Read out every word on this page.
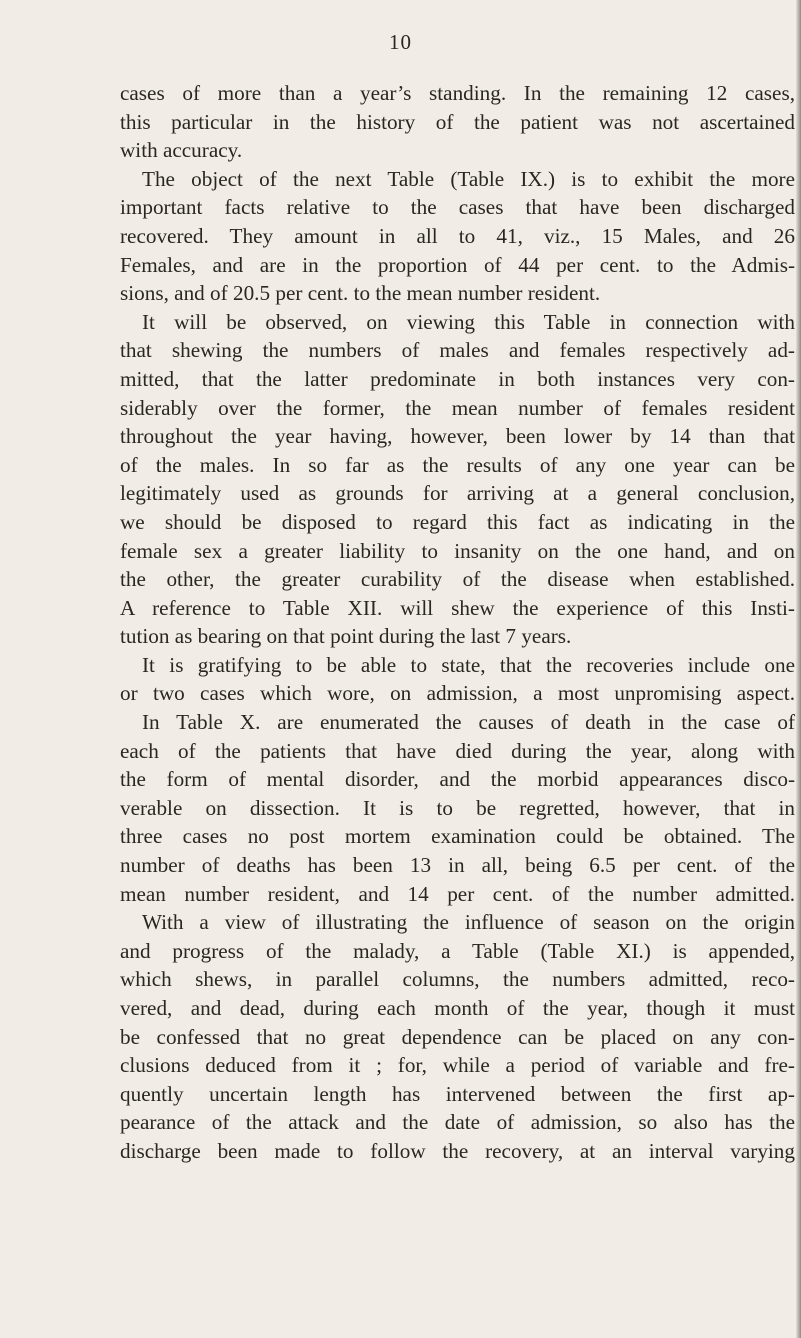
10
cases of more than a year’s standing. In the remaining 12 cases,
this particular in the history of the patient was not ascertained
with accuracy.
The object of the next Table (Table IX.) is to exhibit the more
important facts relative to the cases that have been discharged
recovered. They amount in all to 41, viz., 15 Males, and 26
Females, and are in the proportion of 44 per cent. to the Admis-
sions, and of 20.5 per cent. to the mean number resident.
It will be observed, on viewing this Table in connection with
that shewing the numbers of males and females respectively ad-
mitted, that the latter predominate in both instances very con-
siderably over the former, the mean number of females resident
throughout the year having, however, been lower by 14 than that
of the males. In so far as the results of any one year can be
legitimately used as grounds for arriving at a general conclusion,
we should be disposed to regard this fact as indicating in the
female sex a greater liability to insanity on the one hand, and on
the other, the greater curability of the disease when established.
A reference to Table XII. will shew the experience of this Insti-
tution as bearing on that point during the last 7 years.
It is gratifying to be able to state, that the recoveries include one
or two cases which wore, on admission, a most unpromising aspect.
In Table X. are enumerated the causes of death in the case of
each of the patients that have died during the year, along with
the form of mental disorder, and the morbid appearances disco-
verable on dissection. It is to be regretted, however, that in
three cases no post mortem examination could be obtained. The
number of deaths has been 13 in all, being 6.5 per cent. of the
mean number resident, and 14 per cent. of the number admitted.
With a view of illustrating the influence of season on the origin
and progress of the malady, a Table (Table XI.) is appended,
which shews, in parallel columns, the numbers admitted, reco-
vered, and dead, during each month of the year, though it must
be confessed that no great dependence can be placed on any con-
clusions deduced from it ; for, while a period of variable and fre-
quently uncertain length has intervened between the first ap-
pearance of the attack and the date of admission, so also has the
discharge been made to follow the recovery, at an interval varying
